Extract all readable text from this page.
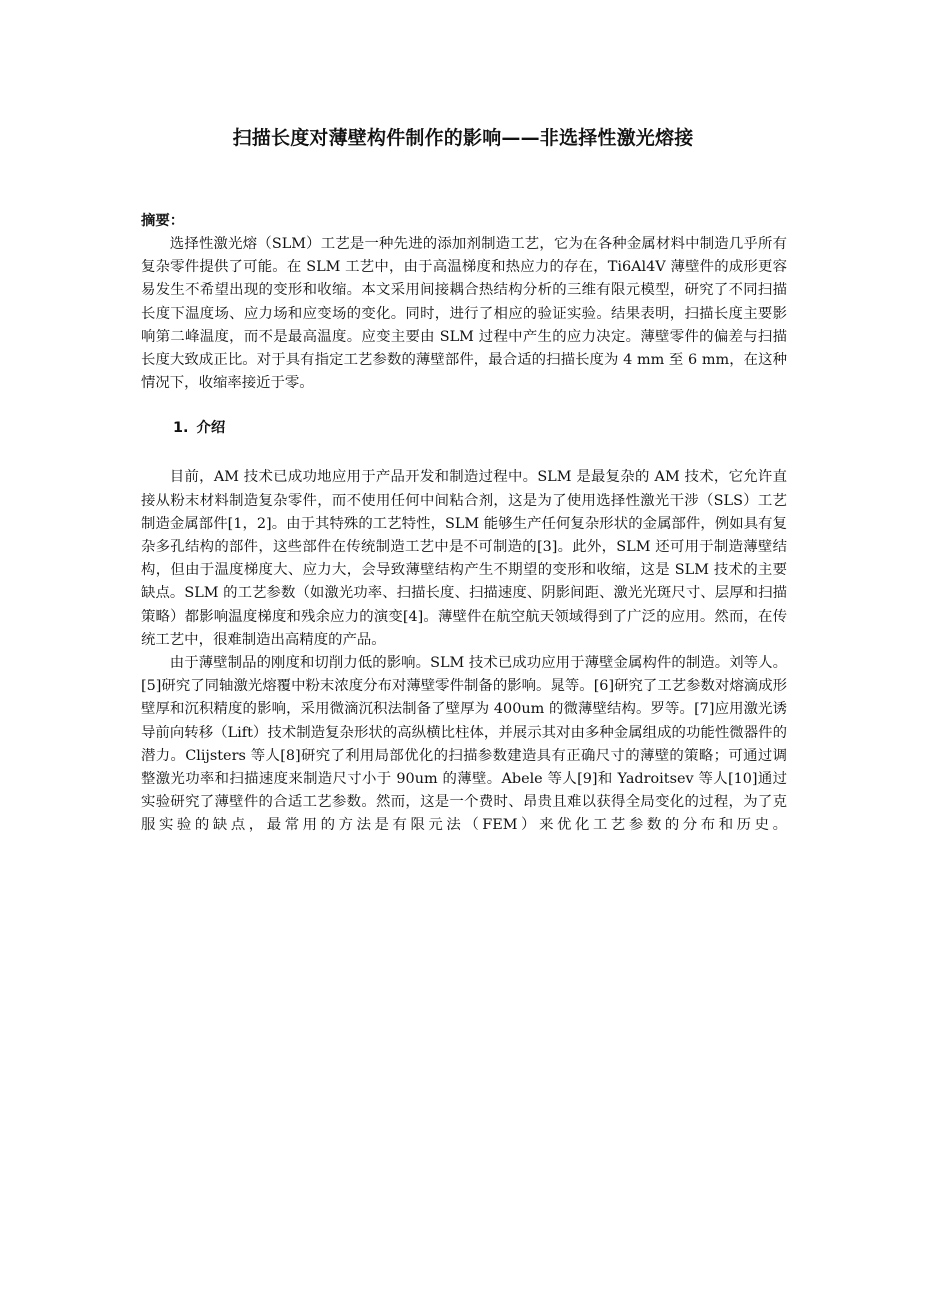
扫描长度对薄壁构件制作的影响——非选择性激光熔接
摘要：

选择性激光熔（SLM）工艺是一种先进的添加剂制造工艺，它为在各种金属材料中制造几乎所有复杂零件提供了可能。在 SLM 工艺中，由于高温梯度和热应力的存在，Ti6Al4V 薄壁件的成形更容易发生不希望出现的变形和收缩。本文采用间接耦合热结构分析的三维有限元模型，研究了不同扫描长度下温度场、应力场和应变场的变化。同时，进行了相应的验证实验。结果表明，扫描长度主要影响第二峰温度，而不是最高温度。应变主要由 SLM 过程中产生的应力决定。薄壁零件的偏差与扫描长度大致成正比。对于具有指定工艺参数的薄壁部件，最合适的扫描长度为 4 mm 至 6 mm，在这种情况下，收缩率接近于零。

1. 介绍

目前，AM 技术已成功地应用于产品开发和制造过程中。SLM 是最复杂的 AM 技术，它允许直接从粉末材料制造复杂零件，而不使用任何中间粘合剂，这是为了使用选择性激光干涉（SLS）工艺制造金属部件[1，2]。由于其特殊的工艺特性，SLM 能够生产任何复杂形状的金属部件，例如具有复杂多孔结构的部件，这些部件在传统制造工艺中是不可制造的[3]。此外，SLM 还可用于制造薄壁结构，但由于温度梯度大、应力大，会导致薄壁结构产生不期望的变形和收缩，这是 SLM 技术的主要缺点。SLM 的工艺参数（如激光功率、扫描长度、扫描速度、阴影间距、激光光斑尺寸、层厚和扫描策略）都影响温度梯度和残余应力的演变[4]。薄壁件在航空航天领域得到了广泛的应用。然而，在传统工艺中，很难制造出高精度的产品。

由于薄壁制品的刚度和切削力低的影响。SLM 技术已成功应用于薄壁金属构件的制造。刘等人。[5]研究了同轴激光熔覆中粉末浓度分布对薄壁零件制备的影响。晁等。[6]研究了工艺参数对熔滴成形壁厚和沉积精度的影响，采用微滴沉积法制备了壁厚为 400um 的微薄壁结构。罗等。[7]应用激光诱导前向转移（Lift）技术制造复杂形状的高纵横比柱体，并展示其对由多种金属组成的功能性微器件的潜力。Clijsters 等人[8]研究了利用局部优化的扫描参数建造具有正确尺寸的薄壁的策略；可通过调整激光功率和扫描速度来制造尺寸小于 90um 的薄壁。Abele 等人[9]和 Yadroitsev 等人[10]通过实验研究了薄壁件的合适工艺参数。然而，这是一个费时、昂贵且难以获得全局变化的过程，为了克服实验的缺点，最常用的方法是有限元法（FEM）来优化工艺参数的分布和历史。
